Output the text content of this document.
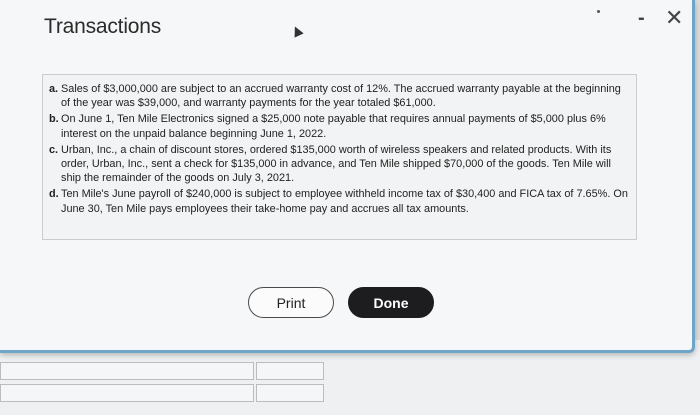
Transactions	- ✕
a. Sales of $3,000,000 are subject to an accrued warranty cost of 12%. The accrued warranty payable at the beginning of the year was $39,000, and warranty payments for the year totaled $61,000.
b. On June 1, Ten Mile Electronics signed a $25,000 note payable that requires annual payments of $5,000 plus 6% interest on the unpaid balance beginning June 1, 2022.
c. Urban, Inc., a chain of discount stores, ordered $135,000 worth of wireless speakers and related products. With its order, Urban, Inc., sent a check for $135,000 in advance, and Ten Mile shipped $70,000 of the goods. Ten Mile will ship the remainder of the goods on July 3, 2021.
d. Ten Mile's June payroll of $240,000 is subject to employee withheld income tax of $30,400 and FICA tax of 7.65%. On June 30, Ten Mile pays employees their take-home pay and accrues all tax amounts.
Print	Done
